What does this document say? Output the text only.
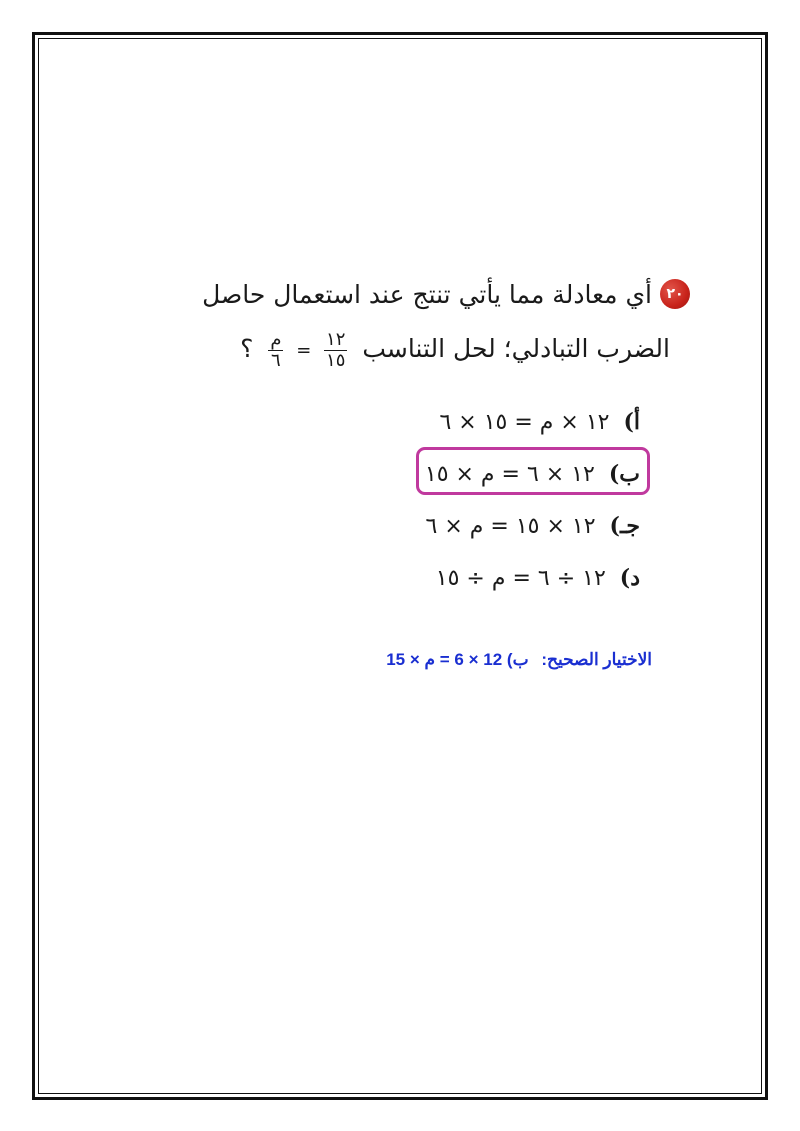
٢٠أي معادلة مما يأتي تنتج عند استعمال حاصل
الضرب التبادلي؛ لحل التناسب
$\frac{\text{م}}{٦} = \frac{١٢}{١٥}$
؟
أ)١٢ × م = ١٥ × ٦
ب)١٢ × ٦ = م × ١٥
جـ)١٢ × ١٥ = م × ٦
د)١٢ ÷ ٦ = م ÷ ١٥
الاختيار الصحيح: ب) 12 × 6 = م × 15
